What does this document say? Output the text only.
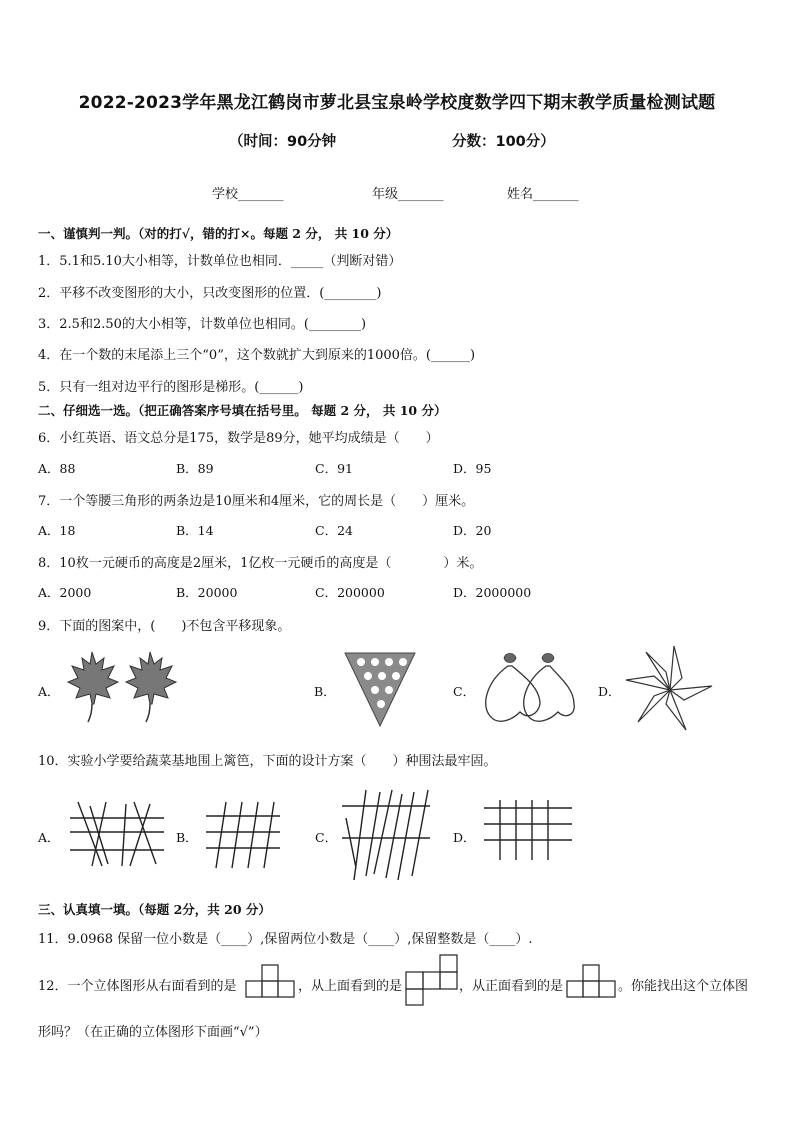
2022-2023学年黑龙江鹤岗市萝北县宝泉岭学校度数学四下期末教学质量检测试题
（时间：90分钟	分数：100分）
学校_______	年级_______	姓名_______
一、谨慎判一判。（对的打√，错的打×。每题 2 分， 共 10 分）
1．5.1和5.10大小相等，计数单位也相同．_____（判断对错）
2．平移不改变图形的大小，只改变图形的位置．(________)
3．2.5和2.50的大小相等，计数单位也相同。(________)
4．在一个数的末尾添上三个“0”，这个数就扩大到原来的1000倍。(______)
5．只有一组对边平行的图形是梯形。(______)
二、仔细选一选。（把正确答案序号填在括号里。 每题 2 分， 共 10 分）
6．小红英语、语文总分是175，数学是89分，她平均成绩是（　　）
A．88	B．89	C．91	D．95
7．一个等腰三角形的两条边是10厘米和4厘米，它的周长是（　　）厘米。
A．18	B．14	C．24	D．20
8．10枚一元硬币的高度是2厘米，1亿枚一元硬币的高度是（　　　　）米。
A．2000	B．20000	C．200000	D．2000000
9．下面的图案中，(　　)不包含平移现象。
A．	B．	C．	D．
10．实验小学要给蔬菜基地围上篱笆，下面的设计方案（　　）种围法最牢固。
A．	B．	C．	D．
三、认真填一填。（每题 2分，共 20 分）
11．9.0968 保留一位小数是（____）,保留两位小数是（____）,保留整数是（____）.
12．一个立体图形从右面看到的是	，从上面看到的是	，从正面看到的是	。你能找出这个立体图
形吗？（在正确的立体图形下面画“√”）
